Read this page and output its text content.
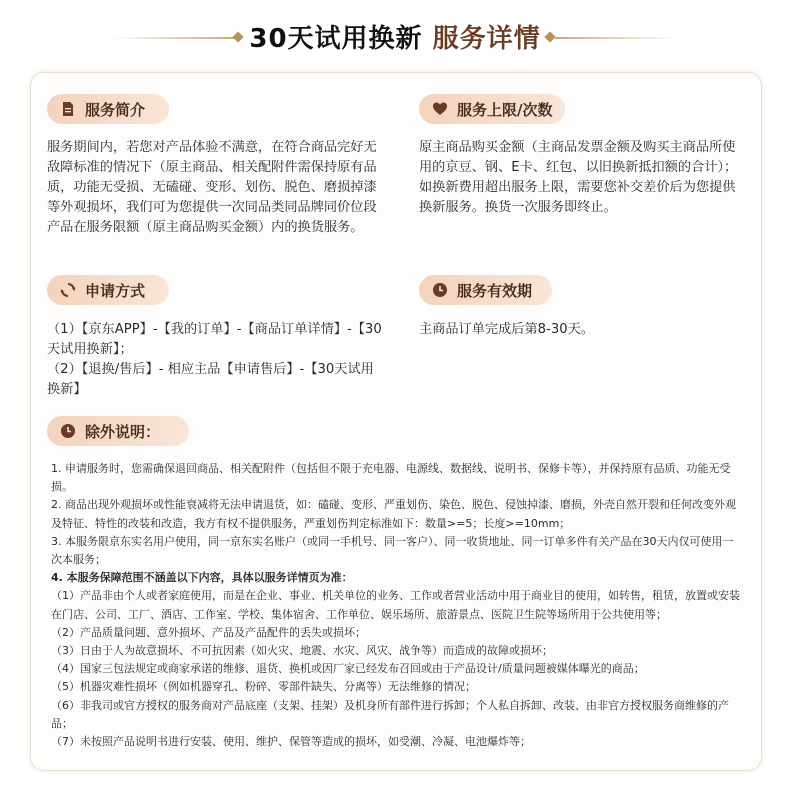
30天试用换新 服务详情
服务简介
服务期间内，若您对产品体验不满意，在符合商品完好无敌障标准的情况下（原主商品、相关配附件需保持原有品质，功能无受损、无磕碰、变形、划伤、脱色、磨损掉漆等外观损坏，我们可为您提供一次同品类同品牌同价位段产品在服务限额（原主商品购买金额）内的换货服务。
服务上限/次数
原主商品购买金额（主商品发票金额及购买主商品所使用的京豆、钢、E卡、红包、以旧换新抵扣额的合计）；
如换新费用超出服务上限，需要您补交差价后为您提供换新服务。换货一次服务即终止。
申请方式
（1）【京东APP】-【我的订单】-【商品订单详情】-【30天试用换新】；
（2）【退换/售后】- 相应主品【申请售后】-【30天试用换新】
服务有效期
主商品订单完成后第8-30天。
除外说明：
1. 申请服务时，您需确保退回商品、相关配附件（包括但不限于充电器、电源线、数据线、说明书、保修卡等），并保持原有品质、功能无受损。
2. 商品出现外观损坏或性能衰减将无法申请退货，如：磕碰、变形、严重划伤、染色、脱色、侵蚀掉漆、磨损，外壳自然开裂和任何改变外观及特征、特性的改装和改造，我方有权不提供服务，严重划伤判定标准如下：数量>=5；长度>=10mm；
3. 本服务限京东实名用户使用，同一京东实名账户（或同一手机号、同一客户）、同一收货地址、同一订单多件有关产品在30天内仅可使用一次本服务；
4. 本服务保障范围不涵盖以下内容，具体以服务详情页为准：
（1）产品非由个人或者家庭使用，而是在企业、事业、机关单位的业务、工作或者营业活动中用于商业目的使用，如转售，租赁，放置或安装在门店、公司、工厂、酒店、工作室、学校、集体宿舍、工作单位、娱乐场所、旅游景点、医院卫生院等场所用于公共使用等；
（2）产品质量问题、意外损坏、产品及产品配件的丢失或损坏；
（3）日由于人为故意损坏、不可抗因素（如火灾、地震、水灾、风灾、战争等）而造成的故障或损坏；
（4）国家三包法规定或商家承诺的维修、退货、换机或因厂家已经发布召回或由于产品设计/质量问题被媒体曝光的商品；
（5）机器灾难性损坏（例如机器穿孔、粉碎、零部件缺失、分离等）无法维修的情况；
（6）非我司或官方授权的服务商对产品底座（支架、挂架）及机身所有部件进行拆卸；个人私自拆卸、改装、由非官方授权服务商维修的产品；
（7）未按照产品说明书进行安装、使用、维护、保管等造成的损坏，如受潮、冷凝、电池爆炸等；
